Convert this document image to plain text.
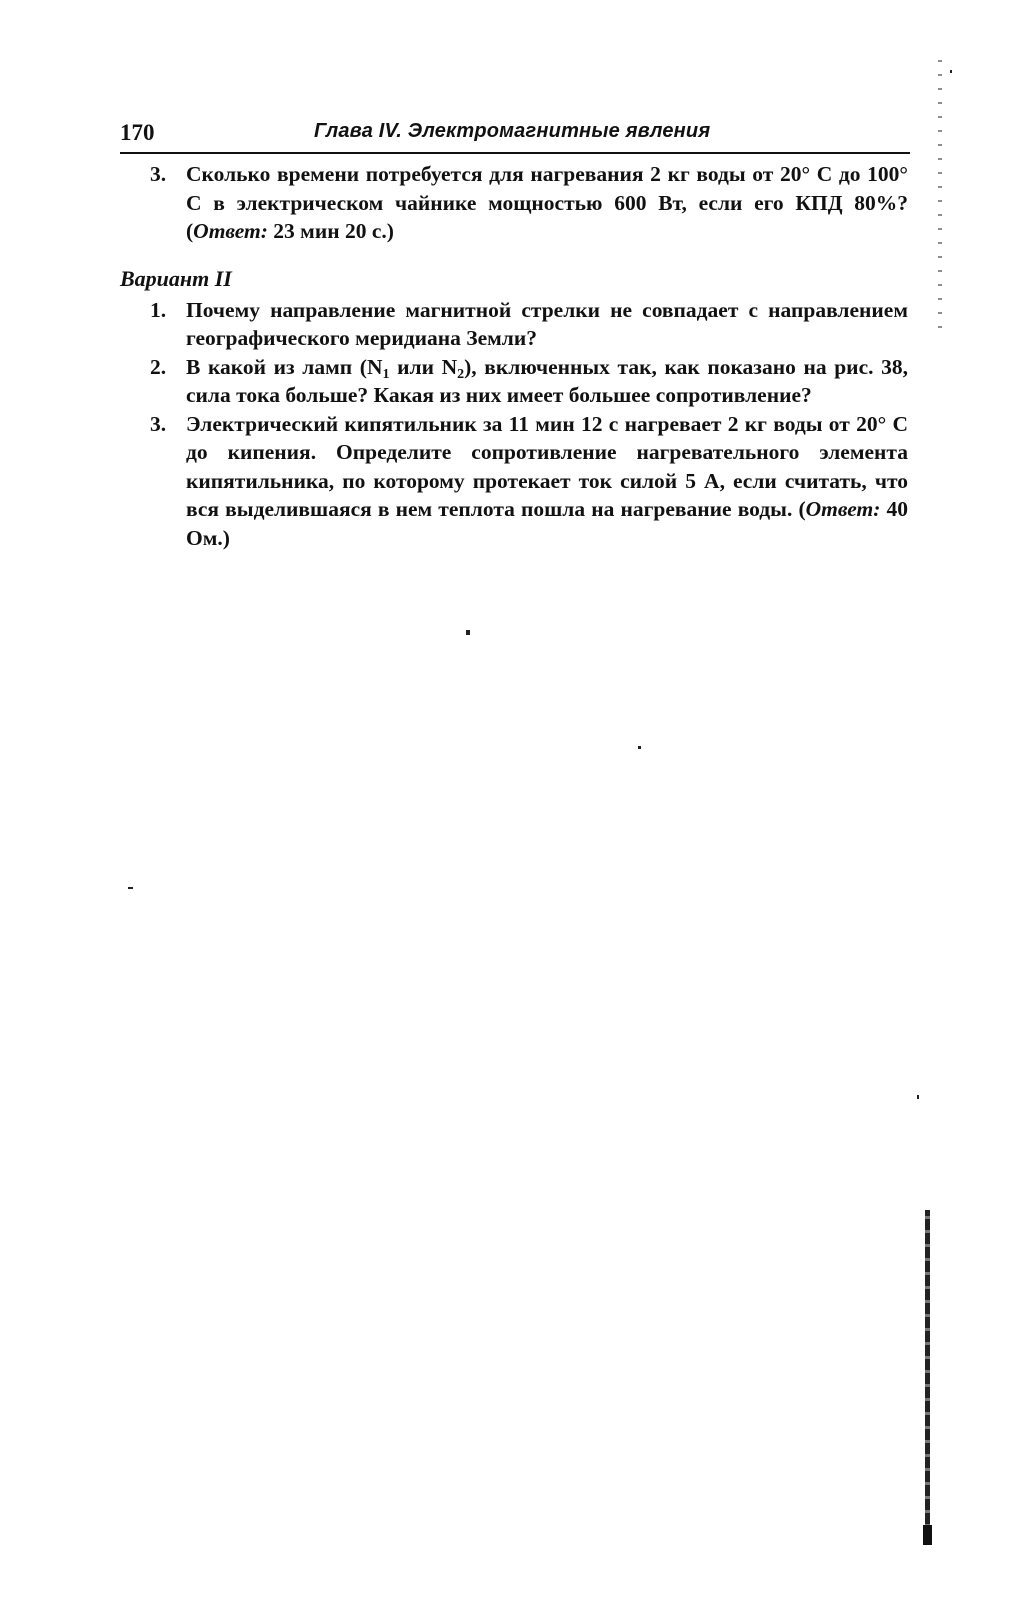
170	Глава IV. Электромагнитные явления

3. Сколько времени потребуется для нагревания 2 кг воды от 20° С до 100° С в электрическом чайнике мощностью 600 Вт, если его КПД 80%? (Ответ: 23 мин 20 с.)

Вариант II

1. Почему направление магнитной стрелки не совпадает с направлением географического меридиана Земли?

2. В какой из ламп ($N_1$ или $N_2$), включенных так, как показано на рис. 38, сила тока больше? Какая из них имеет большее сопротивление?

3. Электрический кипятильник за 11 мин 12 с нагревает 2 кг воды от 20° С до кипения. Определите сопротивление нагревательного элемента кипятильника, по которому протекает ток силой 5 А, если считать, что вся выделившаяся в нем теплота пошла на нагревание воды. (Ответ: 40 Ом.)
